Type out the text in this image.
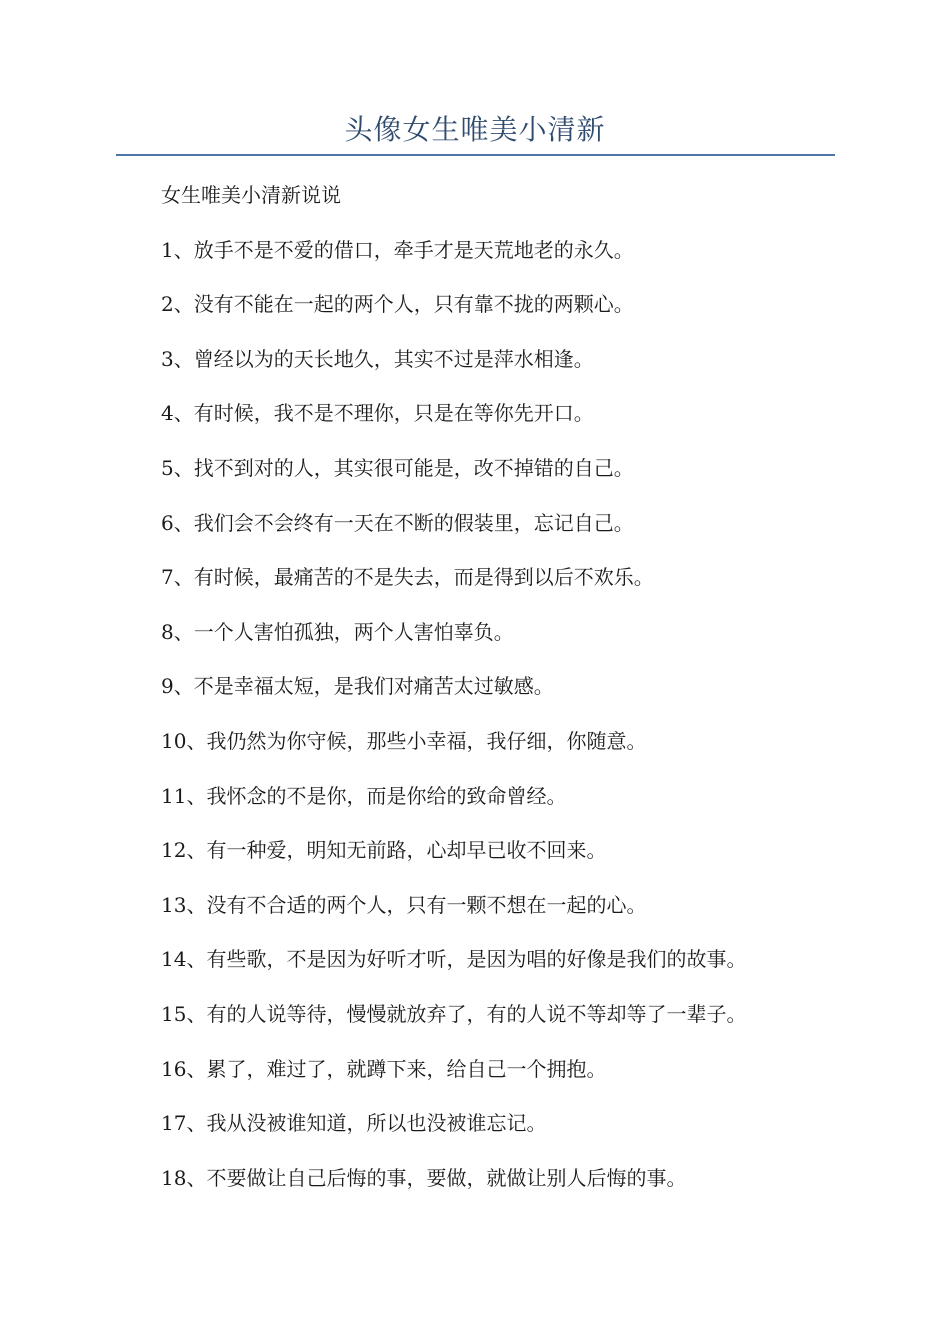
头像女生唯美小清新
女生唯美小清新说说
1、放手不是不爱的借口，牵手才是天荒地老的永久。
2、没有不能在一起的两个人，只有靠不拢的两颗心。
3、曾经以为的天长地久，其实不过是萍水相逢。
4、有时候，我不是不理你，只是在等你先开口。
5、找不到对的人，其实很可能是，改不掉错的自己。
6、我们会不会终有一天在不断的假装里，忘记自己。
7、有时候，最痛苦的不是失去，而是得到以后不欢乐。
8、一个人害怕孤独，两个人害怕辜负。
9、不是幸福太短，是我们对痛苦太过敏感。
10、我仍然为你守候，那些小幸福，我仔细，你随意。
11、我怀念的不是你，而是你给的致命曾经。
12、有一种爱，明知无前路，心却早已收不回来。
13、没有不合适的两个人，只有一颗不想在一起的心。
14、有些歌，不是因为好听才听，是因为唱的好像是我们的故事。
15、有的人说等待，慢慢就放弃了，有的人说不等却等了一辈子。
16、累了，难过了，就蹲下来，给自己一个拥抱。
17、我从没被谁知道，所以也没被谁忘记。
18、不要做让自己后悔的事，要做，就做让别人后悔的事。
